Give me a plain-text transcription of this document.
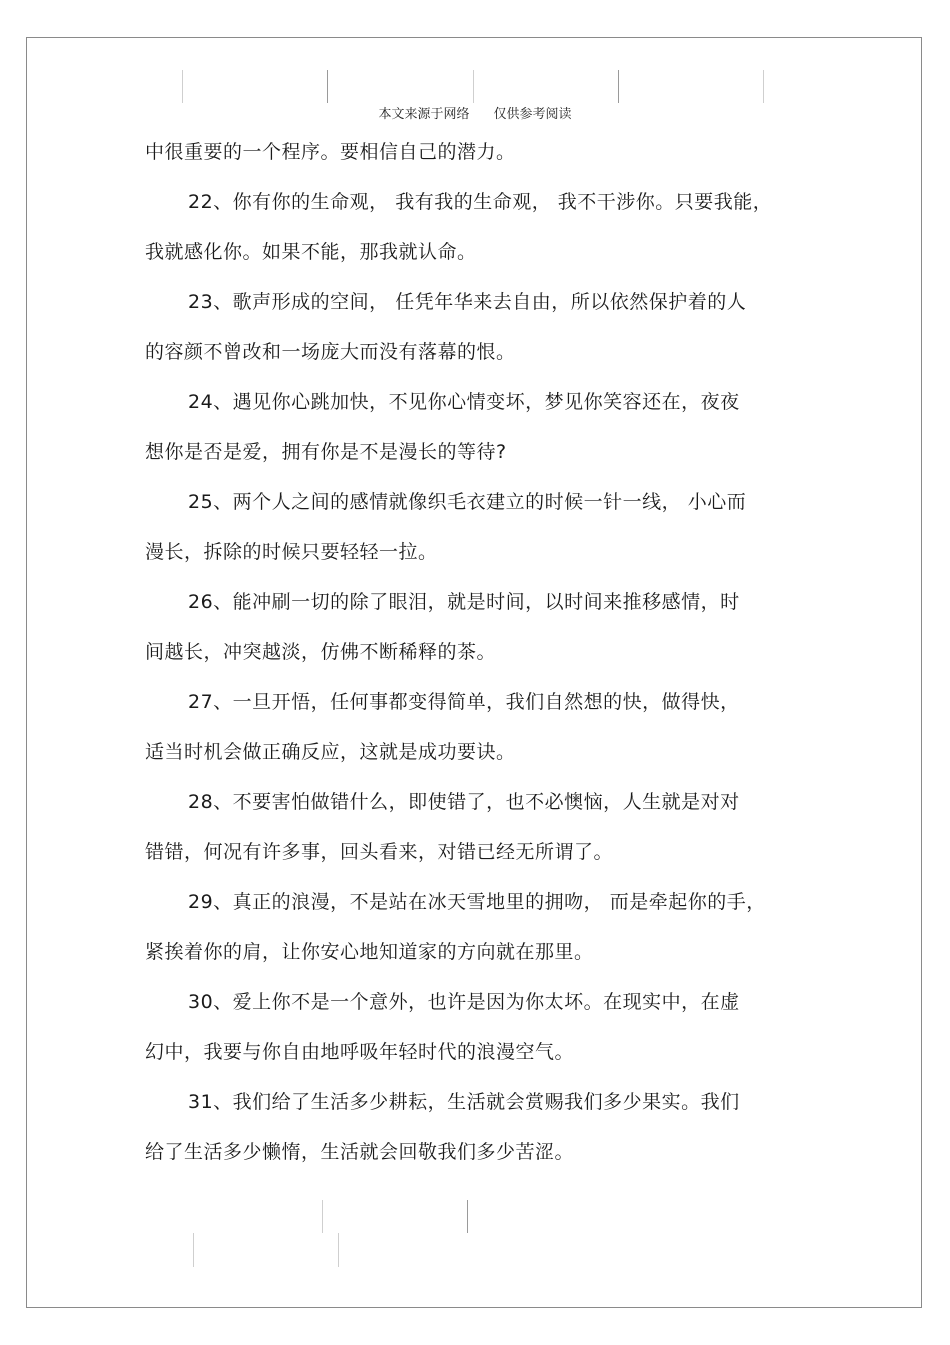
本文来源于网络 仅供参考阅读
中很重要的一个程序。要相信自己的潜力。
22、你有你的生命观， 我有我的生命观， 我不干涉你。只要我能，
我就感化你。如果不能，那我就认命。
23、歌声形成的空间， 任凭年华来去自由，所以依然保护着的人
的容颜不曾改和一场庞大而没有落幕的恨。
24、遇见你心跳加快，不见你心情变坏，梦见你笑容还在，夜夜
想你是否是爱，拥有你是不是漫长的等待?
25、两个人之间的感情就像织毛衣建立的时候一针一线， 小心而
漫长，拆除的时候只要轻轻一拉。
26、能冲刷一切的除了眼泪，就是时间，以时间来推移感情，时
间越长，冲突越淡，仿佛不断稀释的茶。
27、一旦开悟，任何事都变得简单，我们自然想的快，做得快，
适当时机会做正确反应，这就是成功要诀。
28、不要害怕做错什么，即使错了，也不必懊恼，人生就是对对
错错，何况有许多事，回头看来，对错已经无所谓了。
29、真正的浪漫，不是站在冰天雪地里的拥吻， 而是牵起你的手，
紧挨着你的肩，让你安心地知道家的方向就在那里。
30、爱上你不是一个意外，也许是因为你太坏。在现实中，在虚
幻中，我要与你自由地呼吸年轻时代的浪漫空气。
31、我们给了生活多少耕耘，生活就会赏赐我们多少果实。我们
给了生活多少懒惰，生活就会回敬我们多少苦涩。
